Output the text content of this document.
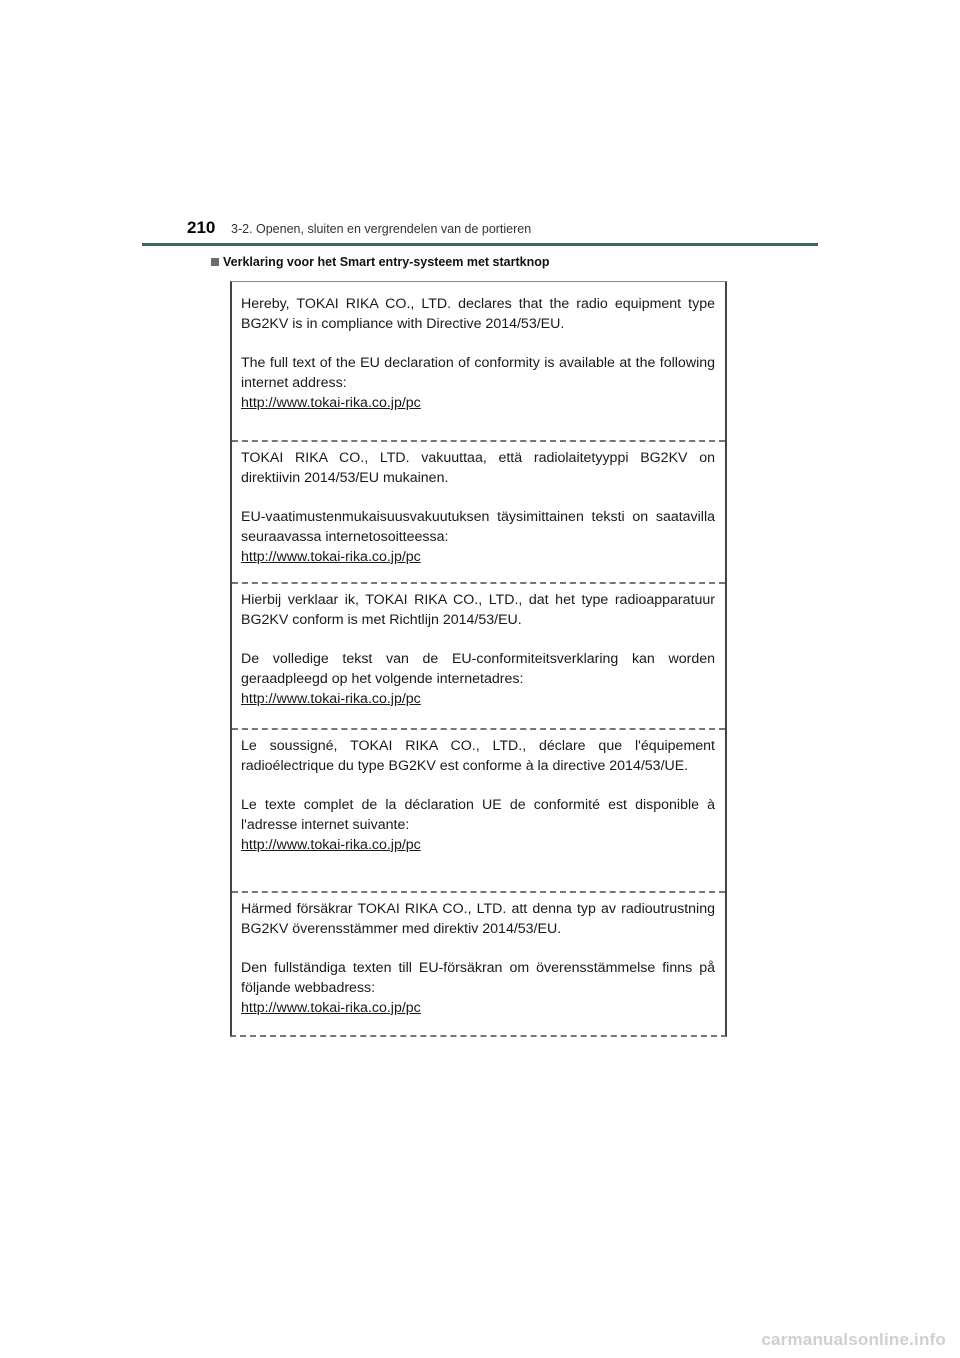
210 3-2. Openen, sluiten en vergrendelen van de portieren
Verklaring voor het Smart entry-systeem met startknop

Hereby, TOKAI RIKA CO., LTD. declares that the radio equipment type BG2KV is in compliance with Directive 2014/53/EU.

The full text of the EU declaration of conformity is available at the following internet address:

http://www.tokai-rika.co.jp/pc

TOKAI RIKA CO., LTD. vakuuttaa, että radiolaitetyyppi BG2KV on direktiivin 2014/53/EU mukainen.

EU-vaatimustenmukaisuusvakuutuksen täysimittainen teksti on saatavilla seuraavassa internetosoitteessa:

http://www.tokai-rika.co.jp/pc

Hierbij verklaar ik, TOKAI RIKA CO., LTD., dat het type radioapparatuur BG2KV conform is met Richtlijn 2014/53/EU.

De volledige tekst van de EU-conformiteitsverklaring kan worden geraadpleegd op het volgende internetadres:

http://www.tokai-rika.co.jp/pc

Le soussigné, TOKAI RIKA CO., LTD., déclare que l'équipement radioélectrique du type BG2KV est conforme à la directive 2014/53/UE.

Le texte complet de la déclaration UE de conformité est disponible à l'adresse internet suivante:

http://www.tokai-rika.co.jp/pc

Härmed försäkrar TOKAI RIKA CO., LTD. att denna typ av radioutrustning BG2KV överensstämmer med direktiv 2014/53/EU.

Den fullständiga texten till EU-försäkran om överensstämmelse finns på följande webbadress:

http://www.tokai-rika.co.jp/pc
carmanualsonline.info
